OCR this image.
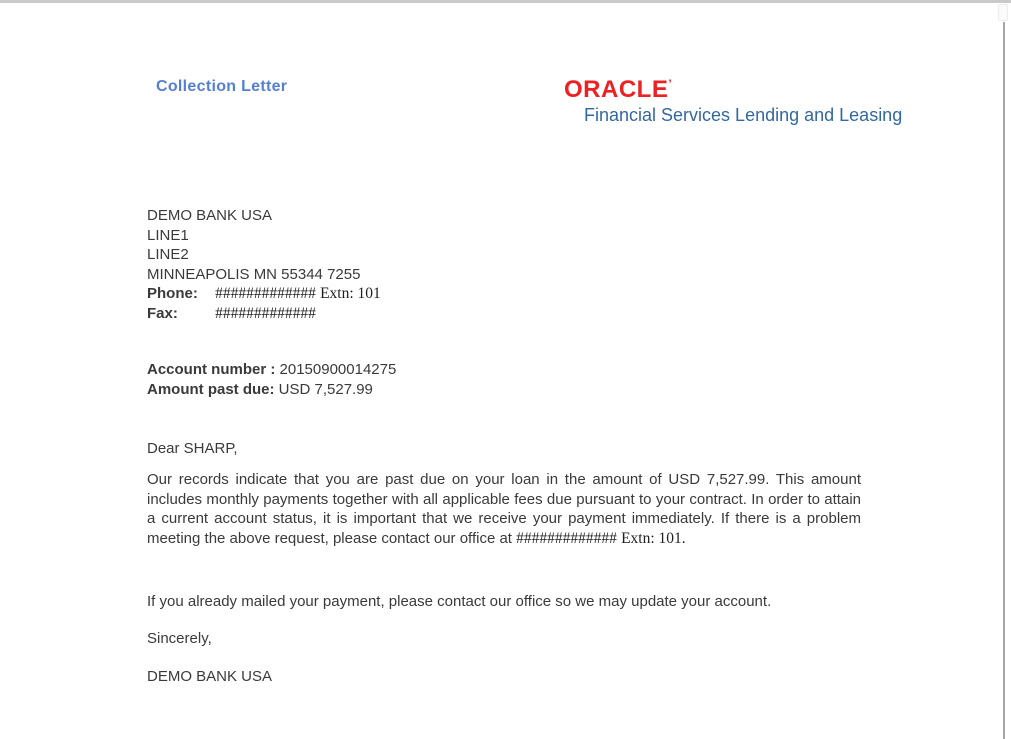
Collection Letter	ORACLE’
Financial Services Lending and Leasing
DEMO BANK USA
LINE1
LINE2
MINNEAPOLIS MN 55344 7255
Phone: ############# Extn: 101
Fax: #############
Account number : 20150900014275
Amount past due: USD 7,527.99
Dear SHARP,
Our records indicate that you are past due on your loan in the amount of USD 7,527.99. This amount includes monthly payments together with all applicable fees due pursuant to your contract. In order to attain a current account status, it is important that we receive your payment immediately. If there is a problem meeting the above request, please contact our office at ############# Extn: 101.
If you already mailed your payment, please contact our office so we may update your account.
Sincerely,
DEMO BANK USA
